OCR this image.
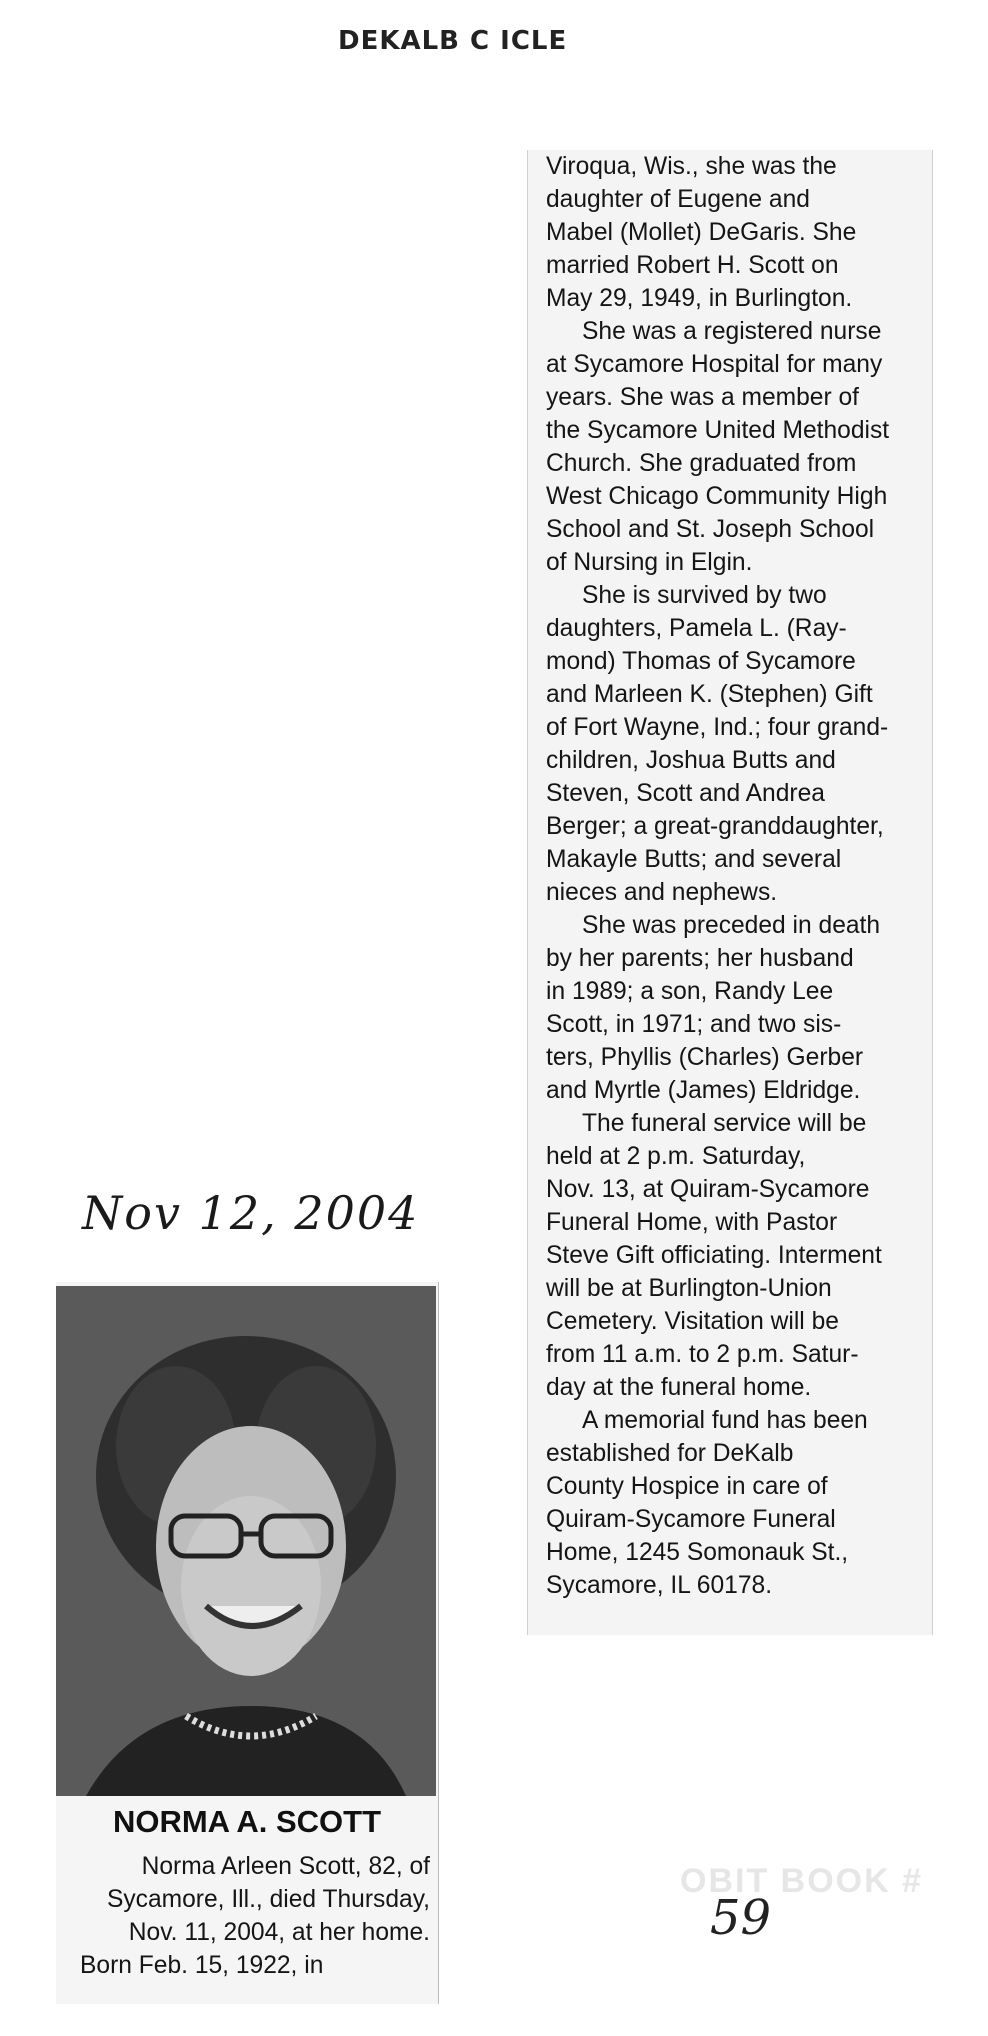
DEKALB C ICLE

Viroqua, Wis., she was the

daughter of Eugene and

Mabel (Mollet) DeGaris. She

married Robert H. Scott on

May 29, 1949, in Burlington.

She was a registered nurse

at Sycamore Hospital for many

years. She was a member of

the Sycamore United Methodist

Church. She graduated from

West Chicago Community High

School and St. Joseph School

of Nursing in Elgin.

She is survived by two

daughters, Pamela L. (Ray-

mond) Thomas of Sycamore

and Marleen K. (Stephen) Gift

of Fort Wayne, Ind.; four grand-

children, Joshua Butts and

Steven, Scott and Andrea

Berger; a great-granddaughter,

Makayle Butts; and several

nieces and nephews.

She was preceded in death

by her parents; her husband

in 1989; a son, Randy Lee

Scott, in 1971; and two sis-

ters, Phyllis (Charles) Gerber

and Myrtle (James) Eldridge.

The funeral service will be

held at 2 p.m. Saturday,

Nov. 13, at Quiram-Sycamore

Funeral Home, with Pastor

Steve Gift officiating. Interment

will be at Burlington-Union

Cemetery. Visitation will be

from 11 a.m. to 2 p.m. Satur-

day at the funeral home.

A memorial fund has been

established for DeKalb

County Hospice in care of

Quiram-Sycamore Funeral

Home, 1245 Somonauk St.,

Sycamore, IL 60178.

Nov 12, 2004
NORMA A. SCOTT

Norma Arleen Scott, 82, of

Sycamore, Ill., died Thursday,

Nov. 11, 2004, at her home.

Born Feb. 15, 1922, in

OBIT BOOK #
59
